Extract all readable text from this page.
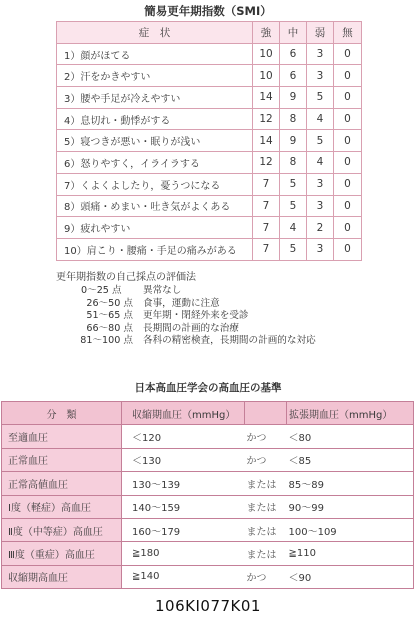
簡易更年期指数（SMI）
症　状	強	中	弱	無
1）顔がほてる	10	6	3	0
2）汗をかきやすい	10	6	3	0
3）腰や手足が冷えやすい	14	9	5	0
4）息切れ・動悸がする	12	8	4	0
5）寝つきが悪い・眠りが浅い	14	9	5	0
6）怒りやすく，イライラする	12	8	4	0
7）くよくよしたり，憂うつになる	7	5	3	0
8）頭痛・めまい・吐き気がよくある	7	5	3	0
9）疲れやすい	7	4	2	0
10）肩こり・腰痛・手足の痛みがある	7	5	3	0
更年期指数の自己採点の評価法
0〜25 点	異常なし
26〜50 点	食事，運動に注意
51〜65 点	更年期・閉経外来を受診
66〜80 点	長期間の計画的な治療
81〜100 点	各科の精密検査，長期間の計画的な対応
日本高血圧学会の高血圧の基準
分　類	収縮期血圧（mmHg）		拡張期血圧（mmHg）
至適血圧	＜120	かつ	＜80
正常血圧	＜130	かつ	＜85
正常高値血圧	130〜139	または	85〜89
Ⅰ度（軽症）高血圧	140〜159	または	90〜99
Ⅱ度（中等症）高血圧	160〜179	または	100〜109
Ⅲ度（重症）高血圧	≧180	または	≧110
収縮期高血圧	≧140	かつ	＜90
106KI077K01
